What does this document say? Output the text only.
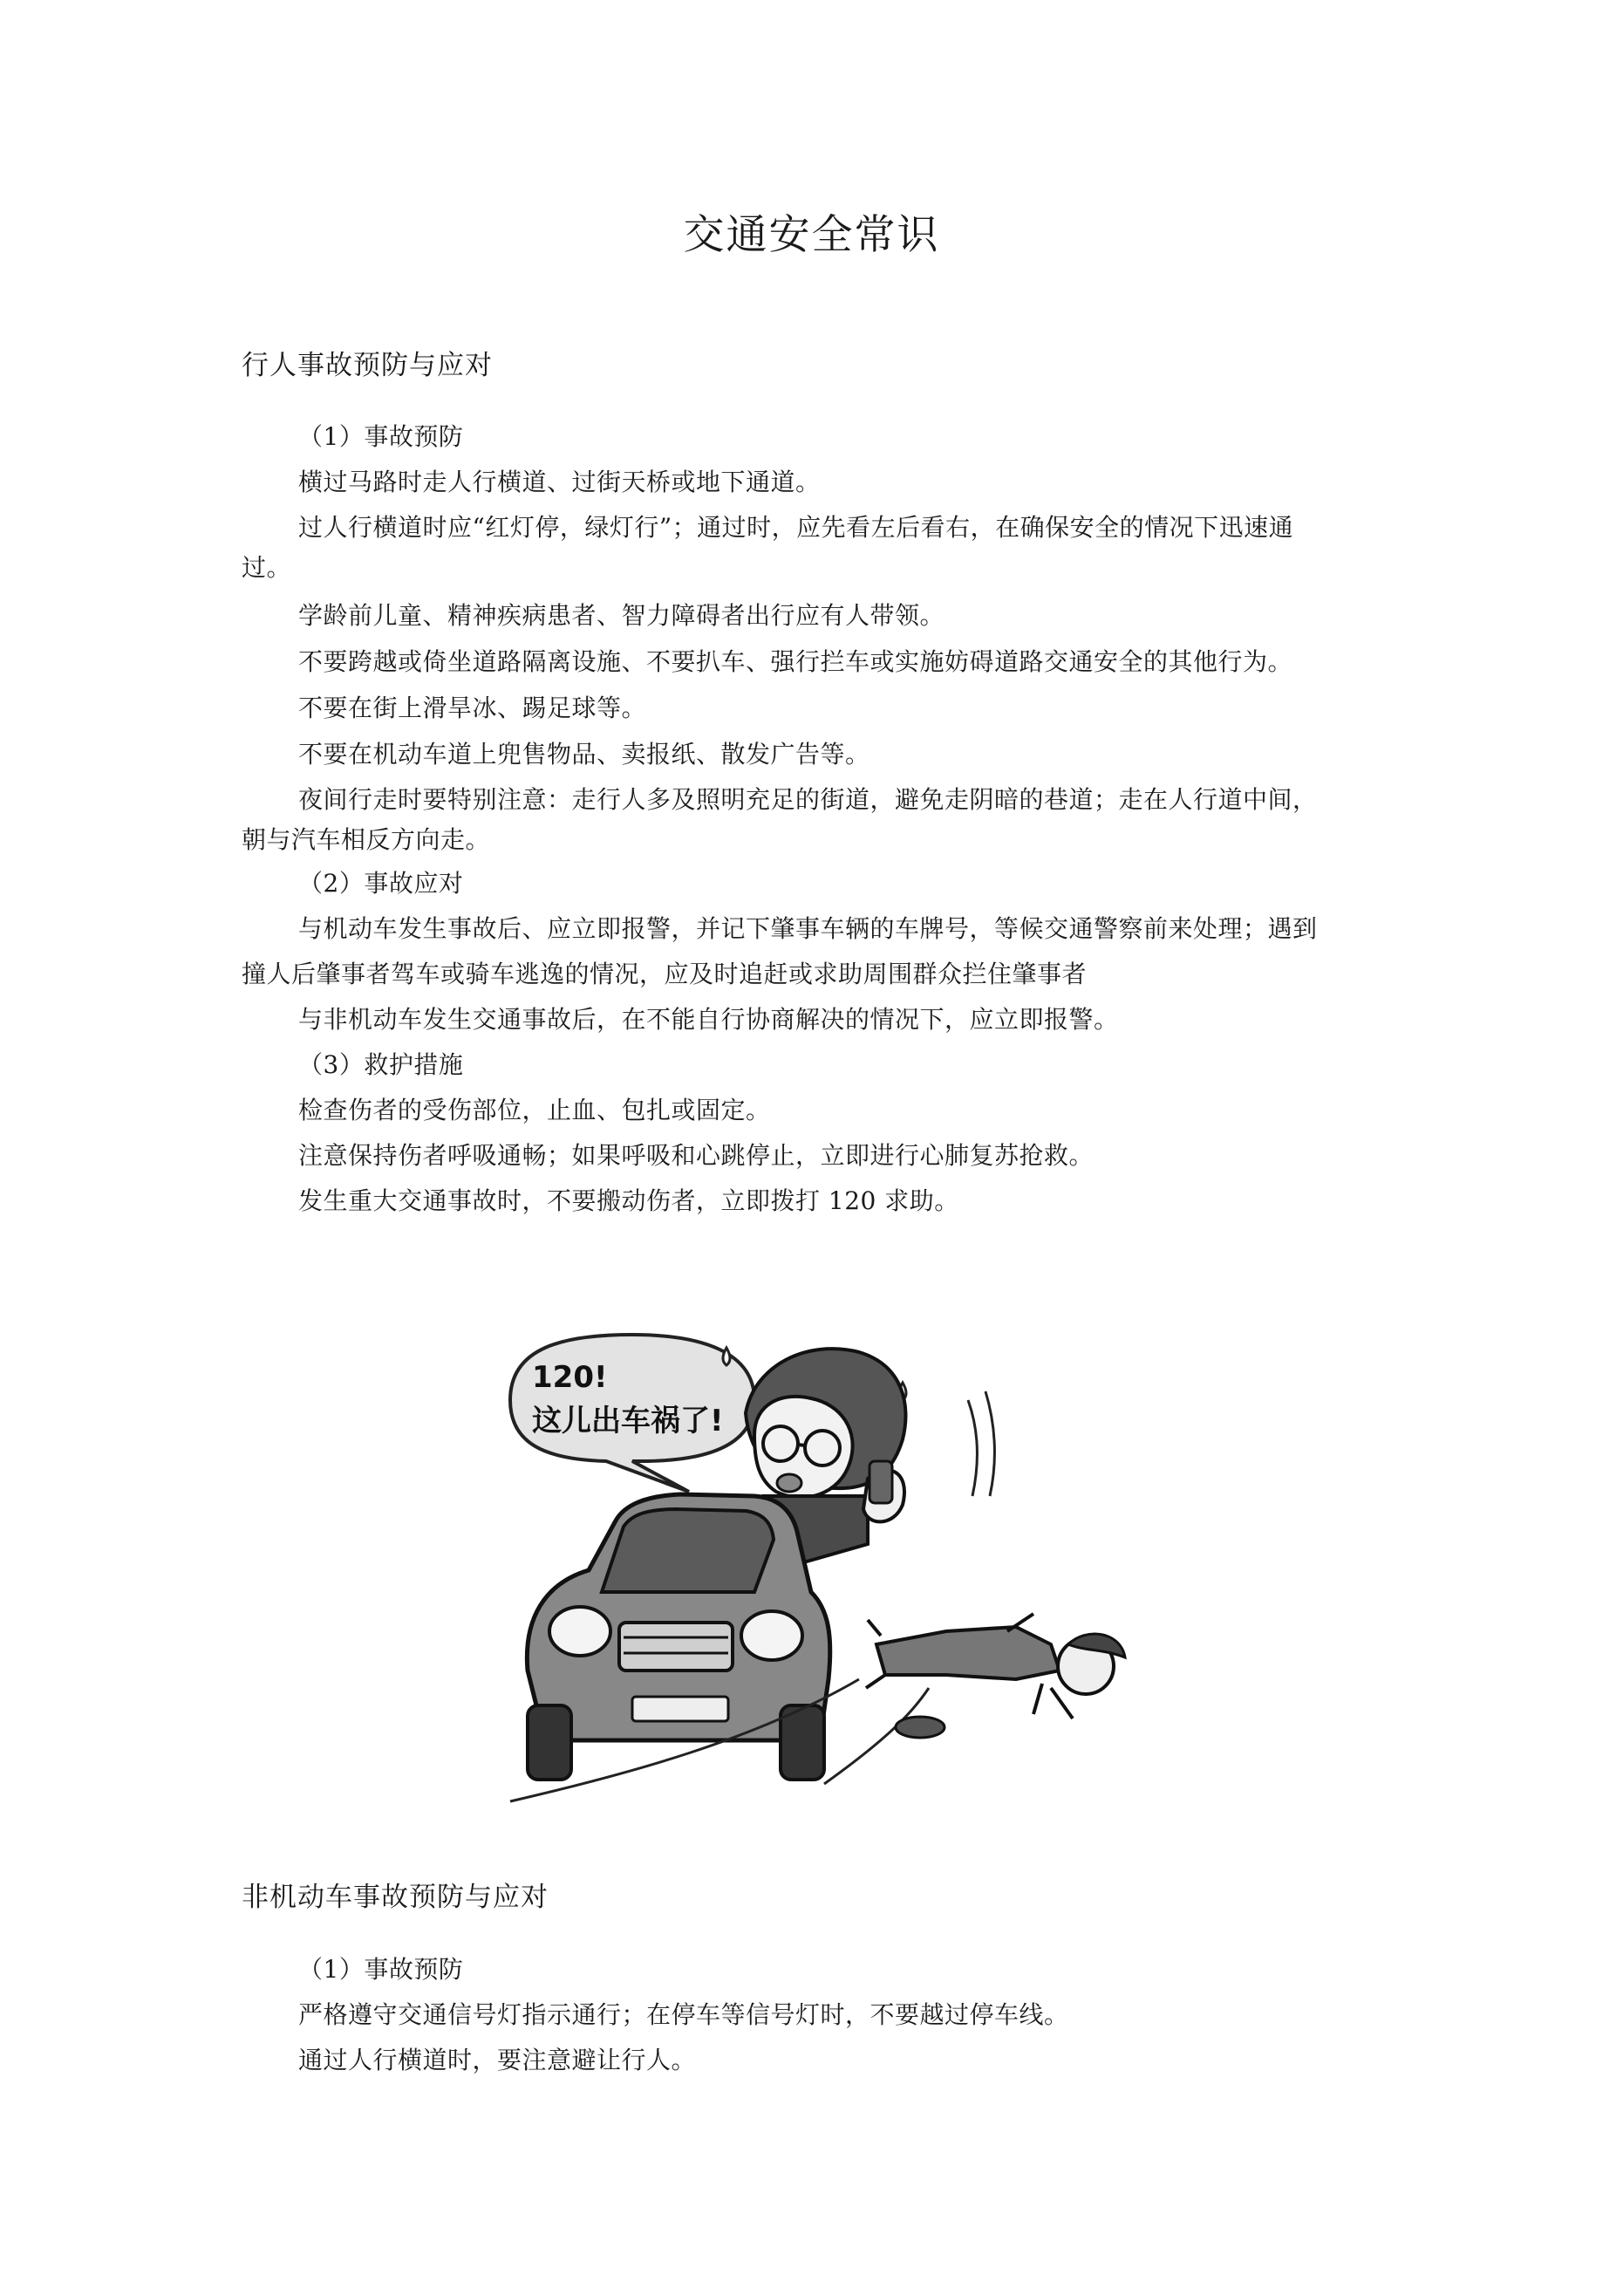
交通安全常识
行人事故预防与应对
（1）事故预防
横过马路时走人行横道、过街天桥或地下通道。
过人行横道时应“红灯停，绿灯行”；通过时，应先看左后看右，在确保安全的情况下迅速通
过。
学龄前儿童、精神疾病患者、智力障碍者出行应有人带领。
不要跨越或倚坐道路隔离设施、不要扒车、强行拦车或实施妨碍道路交通安全的其他行为。
不要在街上滑旱冰、踢足球等。
不要在机动车道上兜售物品、卖报纸、散发广告等。
夜间行走时要特别注意：走行人多及照明充足的街道，避免走阴暗的巷道；走在人行道中间，
朝与汽车相反方向走。
（2）事故应对
与机动车发生事故后、应立即报警，并记下肇事车辆的车牌号，等候交通警察前来处理；遇到
撞人后肇事者驾车或骑车逃逸的情况，应及时追赶或求助周围群众拦住肇事者
与非机动车发生交通事故后，在不能自行协商解决的情况下，应立即报警。
（3）救护措施
检查伤者的受伤部位，止血、包扎或固定。
注意保持伤者呼吸通畅；如果呼吸和心跳停止，立即进行心肺复苏抢救。
发生重大交通事故时，不要搬动伤者，立即拨打 120 求助。
120!
这儿出车祸了!
非机动车事故预防与应对
（1）事故预防
严格遵守交通信号灯指示通行；在停车等信号灯时，不要越过停车线。
通过人行横道时，要注意避让行人。
